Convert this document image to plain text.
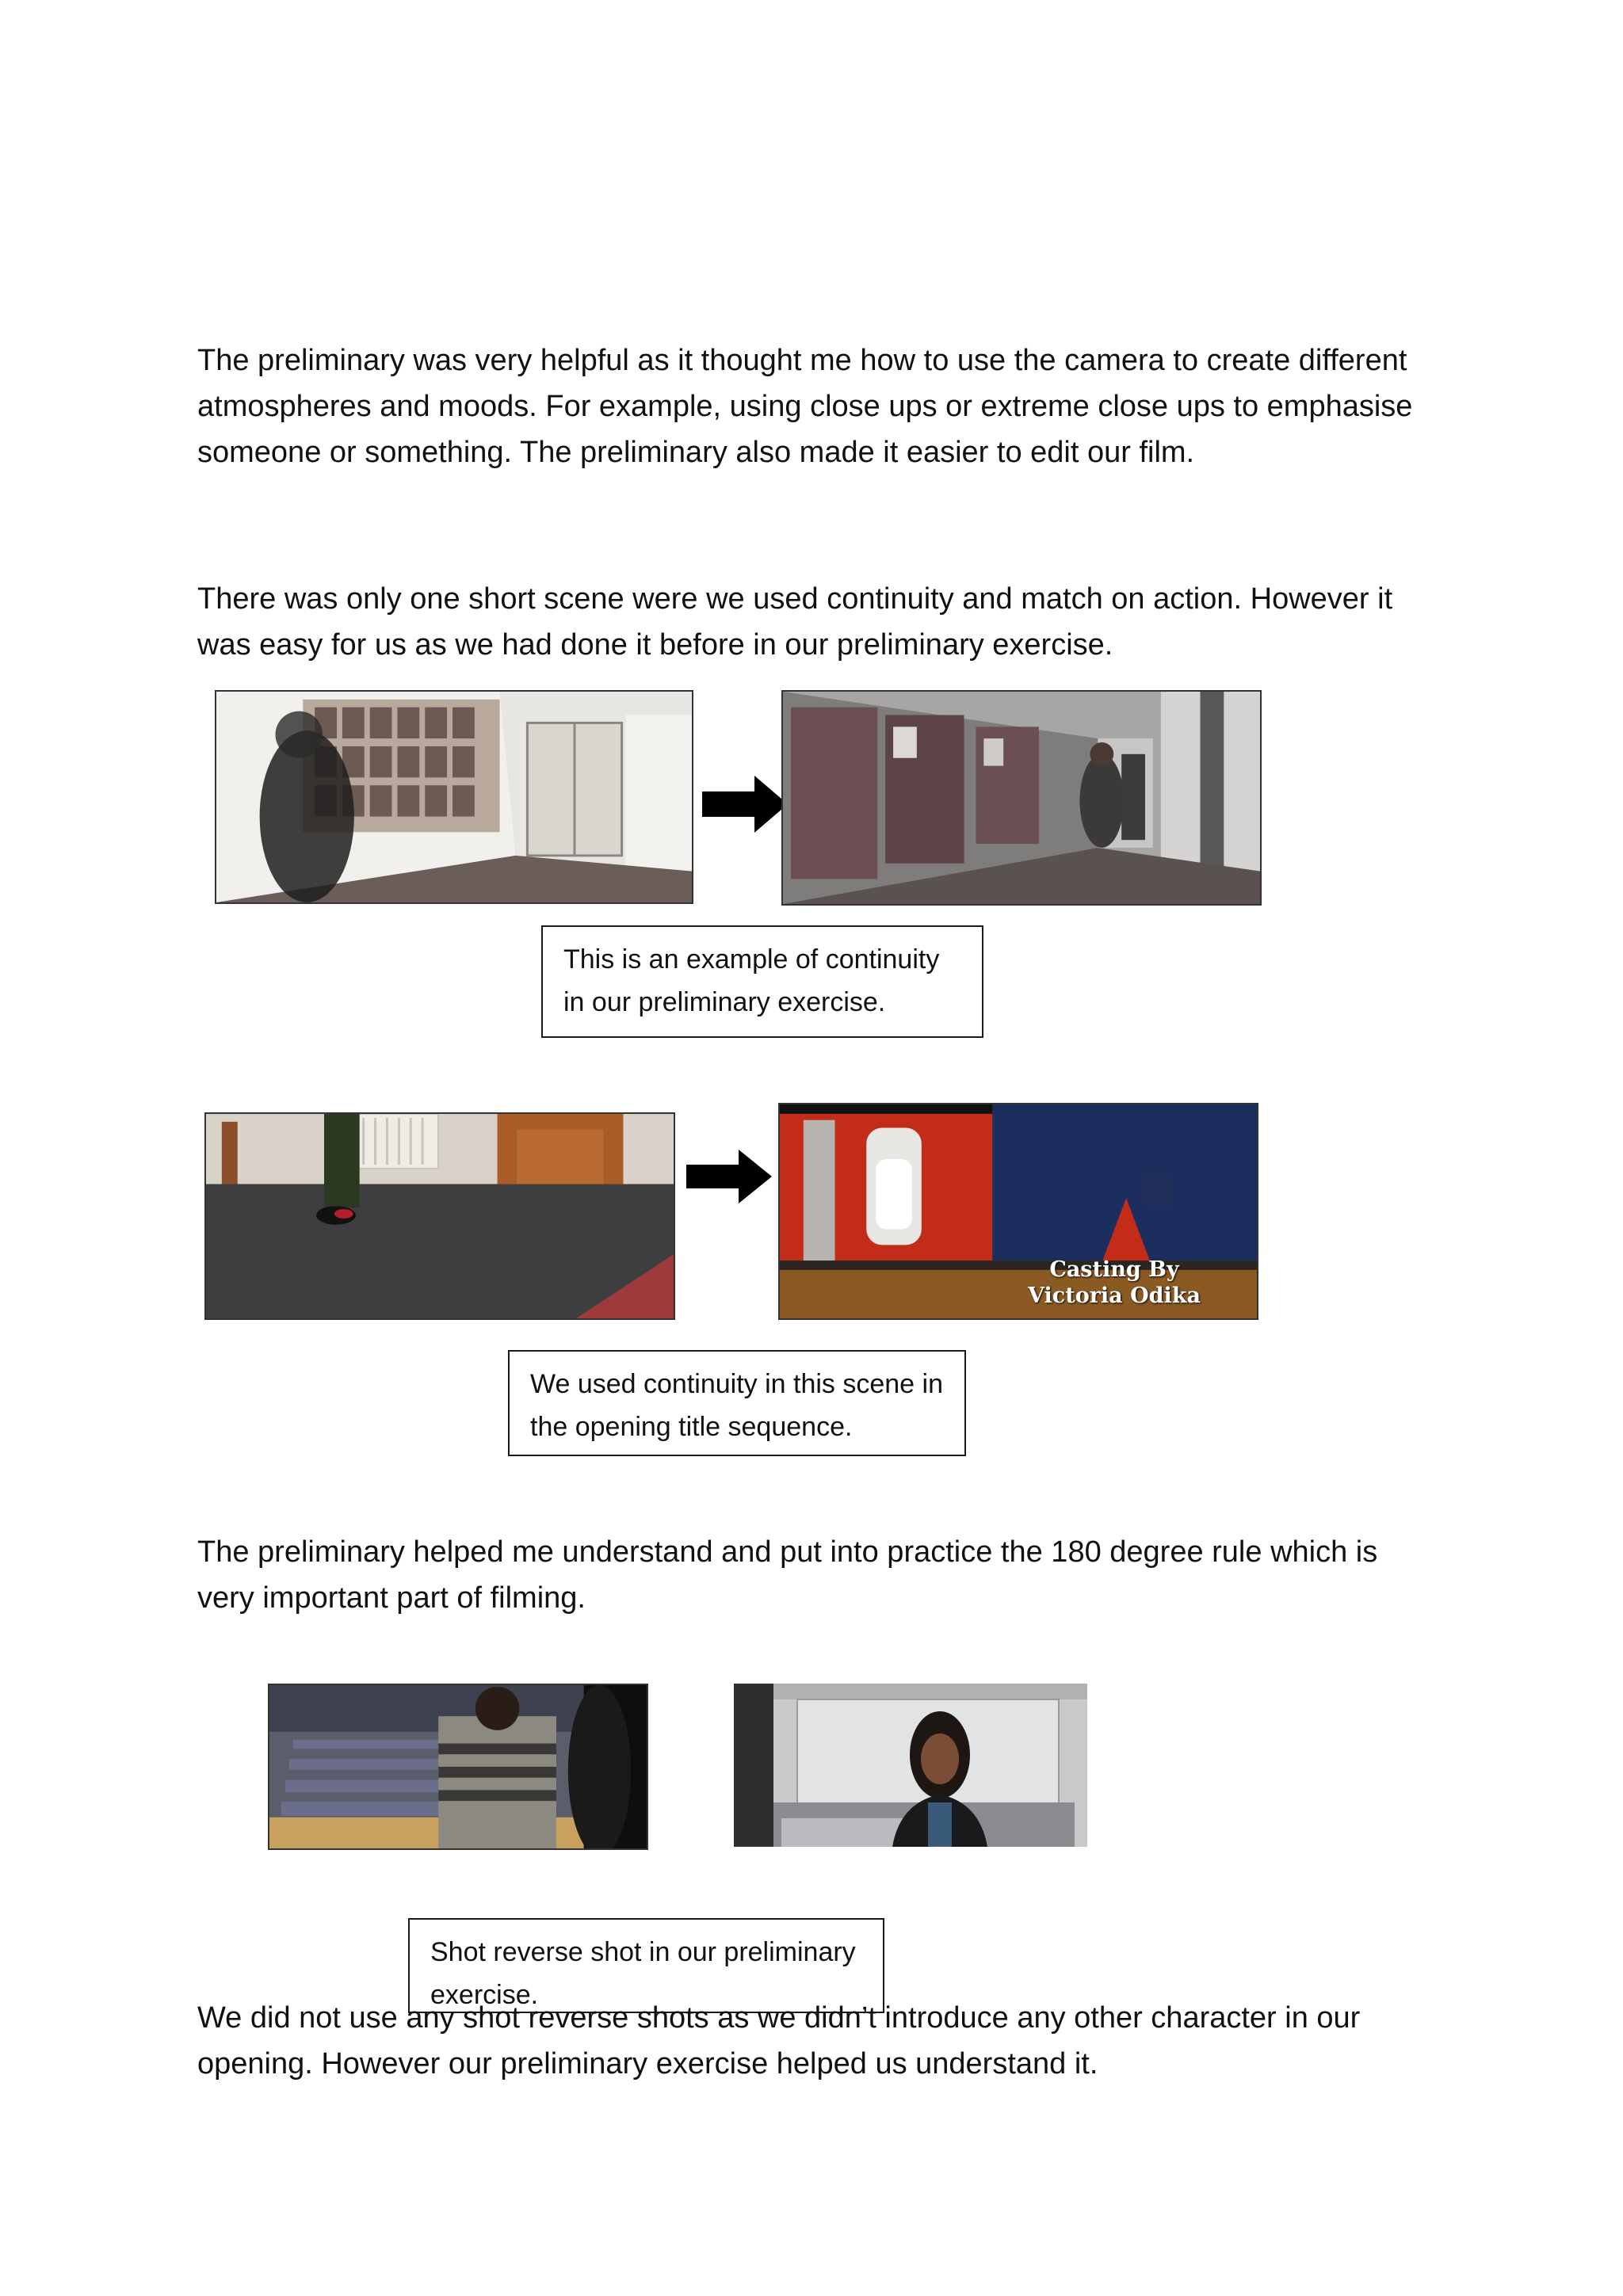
The preliminary was very helpful as it thought me how to use the camera to create different atmospheres and moods. For example, using close ups or extreme close ups to emphasise someone or something. The preliminary also made it easier to edit our film.

There was only one short scene were we used continuity and match on action. However it was easy for us as we had done it before in our preliminary exercise.

This is an example of continuity in our preliminary exercise.
Casting By
Victoria Odika
We used continuity in this scene in the opening title sequence.

The preliminary helped me understand and put into practice the 180 degree rule which is very important part of filming.

Shot reverse shot in our preliminary exercise.

We did not use any shot reverse shots as we didn’t introduce any other character in our opening. However our preliminary exercise helped us understand it.
